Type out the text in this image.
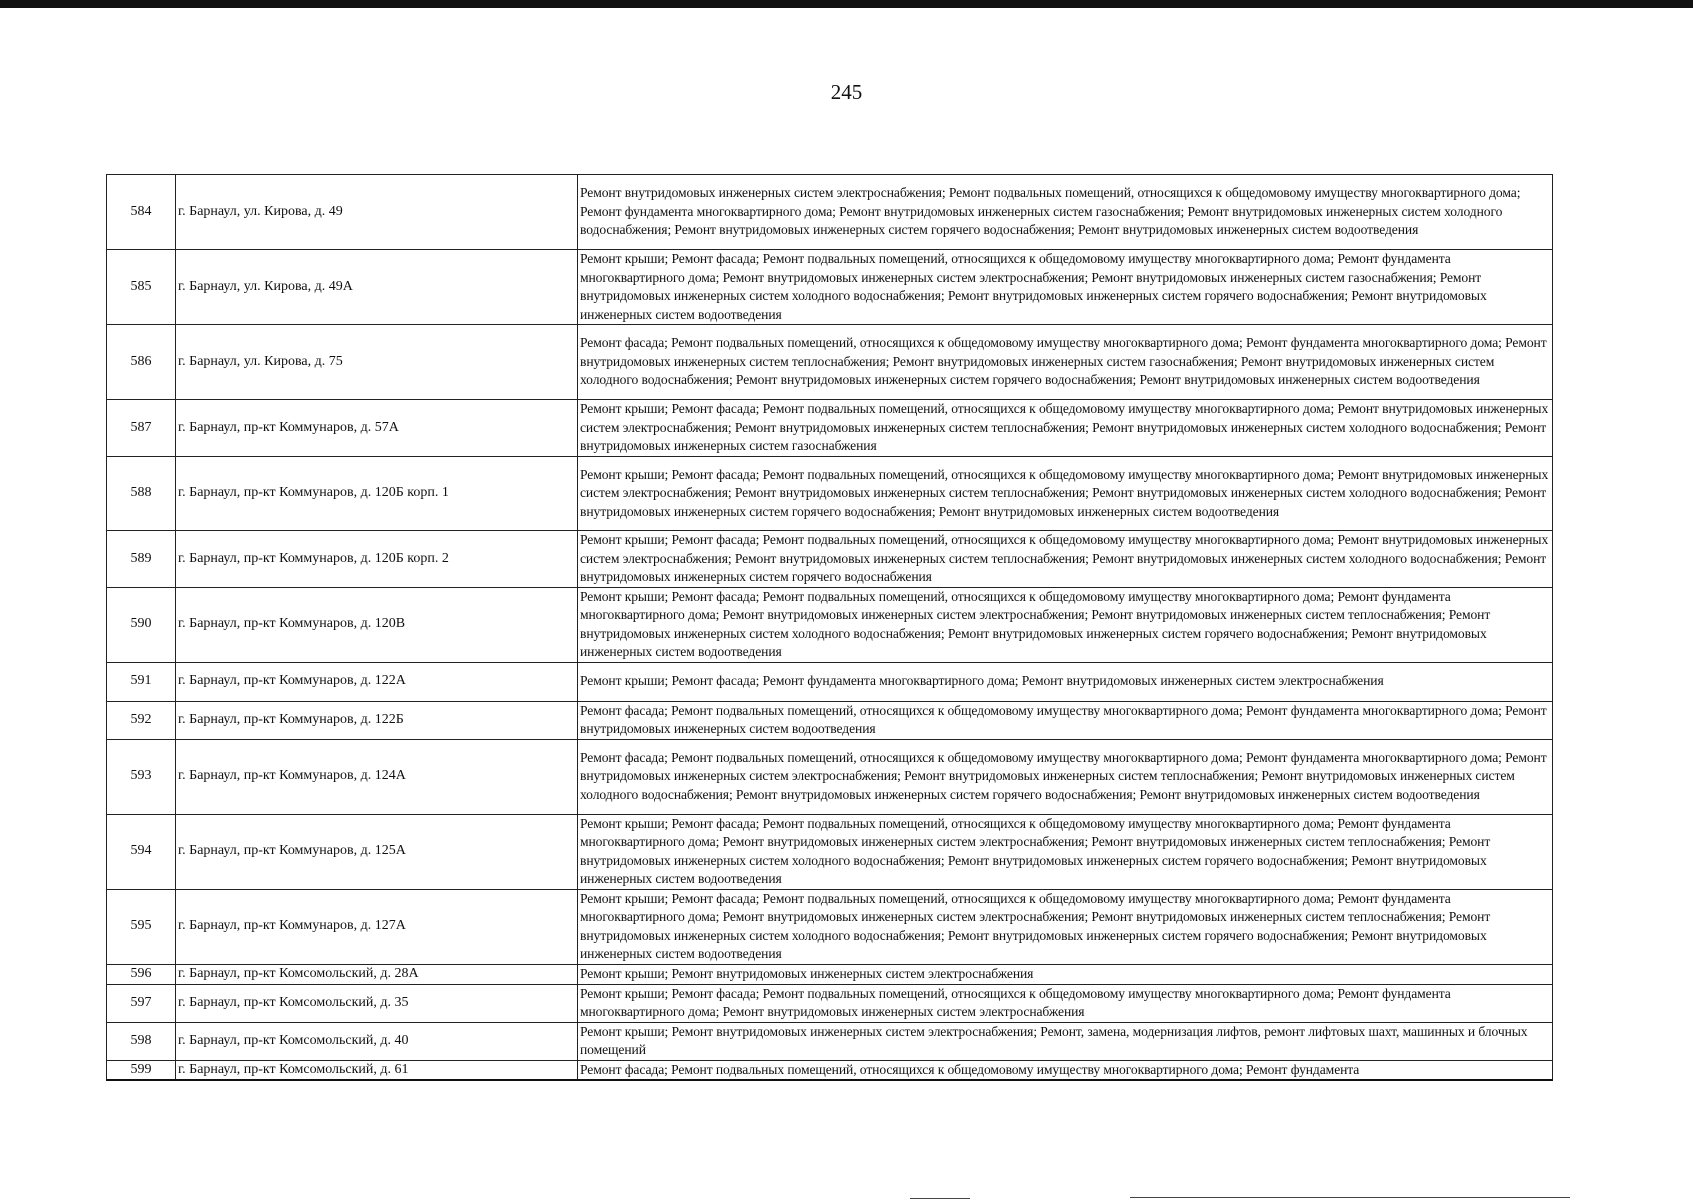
245
584	г. Барнаул, ул. Кирова, д. 49	Ремонт внутридомовых инженерных систем электроснабжения; Ремонт подвальных помещений, относящихся к общедомовому имуществу многоквартирного дома; Ремонт фундамента многоквартирного дома; Ремонт внутридомовых инженерных систем газоснабжения; Ремонт внутридомовых инженерных систем холодного водоснабжения; Ремонт внутридомовых инженерных систем горячего водоснабжения; Ремонт внутридомовых инженерных систем водоотведения
585	г. Барнаул, ул. Кирова, д. 49А	Ремонт крыши; Ремонт фасада; Ремонт подвальных помещений, относящихся к общедомовому имуществу многоквартирного дома; Ремонт фундамента многоквартирного дома; Ремонт внутридомовых инженерных систем электроснабжения; Ремонт внутридомовых инженерных систем газоснабжения; Ремонт внутридомовых инженерных систем холодного водоснабжения; Ремонт внутридомовых инженерных систем горячего водоснабжения; Ремонт внутридомовых инженерных систем водоотведения
586	г. Барнаул, ул. Кирова, д. 75	Ремонт фасада; Ремонт подвальных помещений, относящихся к общедомовому имуществу многоквартирного дома; Ремонт фундамента многоквартирного дома; Ремонт внутридомовых инженерных систем теплоснабжения; Ремонт внутридомовых инженерных систем газоснабжения; Ремонт внутридомовых инженерных систем холодного водоснабжения; Ремонт внутридомовых инженерных систем горячего водоснабжения; Ремонт внутридомовых инженерных систем водоотведения
587	г. Барнаул, пр-кт Коммунаров, д. 57А	Ремонт крыши; Ремонт фасада; Ремонт подвальных помещений, относящихся к общедомовому имуществу многоквартирного дома; Ремонт внутридомовых инженерных систем электроснабжения; Ремонт внутридомовых инженерных систем теплоснабжения; Ремонт внутридомовых инженерных систем холодного водоснабжения; Ремонт внутридомовых инженерных систем газоснабжения
588	г. Барнаул, пр-кт Коммунаров, д. 120Б корп. 1	Ремонт крыши; Ремонт фасада; Ремонт подвальных помещений, относящихся к общедомовому имуществу многоквартирного дома; Ремонт внутридомовых инженерных систем электроснабжения; Ремонт внутридомовых инженерных систем теплоснабжения; Ремонт внутридомовых инженерных систем холодного водоснабжения; Ремонт внутридомовых инженерных систем горячего водоснабжения; Ремонт внутридомовых инженерных систем водоотведения
589	г. Барнаул, пр-кт Коммунаров, д. 120Б корп. 2	Ремонт крыши; Ремонт фасада; Ремонт подвальных помещений, относящихся к общедомовому имуществу многоквартирного дома; Ремонт внутридомовых инженерных систем электроснабжения; Ремонт внутридомовых инженерных систем теплоснабжения; Ремонт внутридомовых инженерных систем холодного водоснабжения; Ремонт внутридомовых инженерных систем горячего водоснабжения
590	г. Барнаул, пр-кт Коммунаров, д. 120В	Ремонт крыши; Ремонт фасада; Ремонт подвальных помещений, относящихся к общедомовому имуществу многоквартирного дома; Ремонт фундамента многоквартирного дома; Ремонт внутридомовых инженерных систем электроснабжения; Ремонт внутридомовых инженерных систем теплоснабжения; Ремонт внутридомовых инженерных систем холодного водоснабжения; Ремонт внутридомовых инженерных систем горячего водоснабжения; Ремонт внутридомовых инженерных систем водоотведения
591	г. Барнаул, пр-кт Коммунаров, д. 122А	Ремонт крыши; Ремонт фасада; Ремонт фундамента многоквартирного дома; Ремонт внутридомовых инженерных систем электроснабжения
592	г. Барнаул, пр-кт Коммунаров, д. 122Б	Ремонт фасада; Ремонт подвальных помещений, относящихся к общедомовому имуществу многоквартирного дома; Ремонт фундамента многоквартирного дома; Ремонт внутридомовых инженерных систем водоотведения
593	г. Барнаул, пр-кт Коммунаров, д. 124А	Ремонт фасада; Ремонт подвальных помещений, относящихся к общедомовому имуществу многоквартирного дома; Ремонт фундамента многоквартирного дома; Ремонт внутридомовых инженерных систем электроснабжения; Ремонт внутридомовых инженерных систем теплоснабжения; Ремонт внутридомовых инженерных систем холодного водоснабжения; Ремонт внутридомовых инженерных систем горячего водоснабжения; Ремонт внутридомовых инженерных систем водоотведения
594	г. Барнаул, пр-кт Коммунаров, д. 125А	Ремонт крыши; Ремонт фасада; Ремонт подвальных помещений, относящихся к общедомовому имуществу многоквартирного дома; Ремонт фундамента многоквартирного дома; Ремонт внутридомовых инженерных систем электроснабжения; Ремонт внутридомовых инженерных систем теплоснабжения; Ремонт внутридомовых инженерных систем холодного водоснабжения; Ремонт внутридомовых инженерных систем горячего водоснабжения; Ремонт внутридомовых инженерных систем водоотведения
595	г. Барнаул, пр-кт Коммунаров, д. 127А	Ремонт крыши; Ремонт фасада; Ремонт подвальных помещений, относящихся к общедомовому имуществу многоквартирного дома; Ремонт фундамента многоквартирного дома; Ремонт внутридомовых инженерных систем электроснабжения; Ремонт внутридомовых инженерных систем теплоснабжения; Ремонт внутридомовых инженерных систем холодного водоснабжения; Ремонт внутридомовых инженерных систем горячего водоснабжения; Ремонт внутридомовых инженерных систем водоотведения
596	г. Барнаул, пр-кт Комсомольский, д. 28А	Ремонт крыши; Ремонт внутридомовых инженерных систем электроснабжения
597	г. Барнаул, пр-кт Комсомольский, д. 35	Ремонт крыши; Ремонт фасада; Ремонт подвальных помещений, относящихся к общедомовому имуществу многоквартирного дома; Ремонт фундамента многоквартирного дома; Ремонт внутридомовых инженерных систем электроснабжения
598	г. Барнаул, пр-кт Комсомольский, д. 40	Ремонт крыши; Ремонт внутридомовых инженерных систем электроснабжения; Ремонт, замена, модернизация лифтов, ремонт лифтовых шахт, машинных и блочных помещений
599	г. Барнаул, пр-кт Комсомольский, д. 61	Ремонт фасада; Ремонт подвальных помещений, относящихся к общедомовому имуществу многоквартирного дома; Ремонт фундамента
